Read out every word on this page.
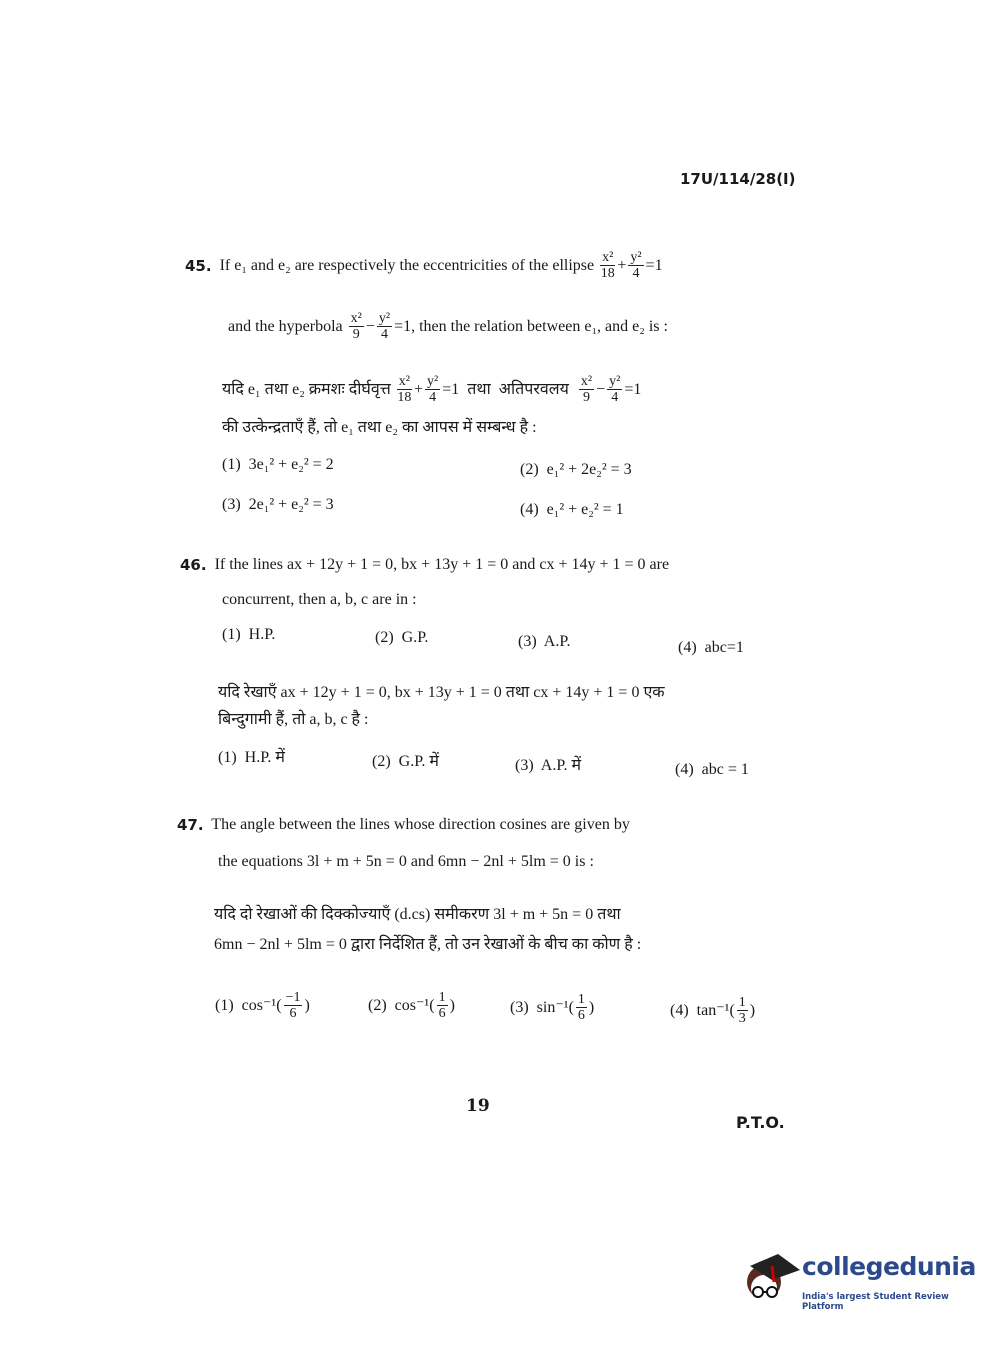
17U/114/28(I)
45. If e₁ and e₂ are respectively the eccentricities of the ellipse $\frac{\text{x²}}{18} + \frac{\text{y²}}{4} =1$
and the hyperbola $\frac{\text{x²}}{9} - \frac{\text{y²}}{4} =1$, then the relation between e₁, and e₂ is :
यदि e₁ तथा e₂ क्रमशः दीर्घवृत्त $\frac{\text{x²}}{18} + \frac{\text{y²}}{4} =1$  तथा  अतिपरवलय $\frac{\text{x²}}{9} - \frac{\text{y²}}{4} =1$
की उत्केन्द्रताएँ हैं, तो e₁ तथा e₂ का आपस में सम्बन्ध है :
(1)  3e₁² + e₂² = 2	(2)  e₁² + 2e₂² = 3
(3)  2e₁² + e₂² = 3	(4)  e₁² + e₂² = 1
46. If the lines ax + 12y + 1 = 0, bx + 13y + 1 = 0 and cx + 14y + 1 = 0 are
concurrent, then a, b, c are in :
(1)  H.P.	(2)  G.P.	(3)  A.P.	(4)  abc=1
यदि रेखाएँ ax + 12y + 1 = 0, bx + 13y + 1 = 0 तथा cx + 14y + 1 = 0 एक
बिन्दुगामी हैं, तो a, b, c है :
(1)  H.P. में	(2)  G.P. में	(3)  A.P. में	(4)  abc = 1
47. The angle between the lines whose direction cosines are given by
the equations 3l + m + 5n = 0 and 6mn − 2nl + 5lm = 0 is :
यदि दो रेखाओं की दिक्कोज्याएँ (d.cs) समीकरण 3l + m + 5n = 0 तथा
6mn − 2nl + 5lm = 0 द्वारा निर्देशित हैं, तो उन रेखाओं के बीच का कोण है :
(1)  $\cos^{-1}( \frac{-1}{6}$ )	(2)  $\cos^{-1}( \frac{1}{6}$ )	(3)  $\sin^{-1}( \frac{1}{6}$ )	(4)  $\tan^{-1}( \frac{1}{3}$ )
19
P.T.O.
collegedunia
India's largest Student Review Platform
